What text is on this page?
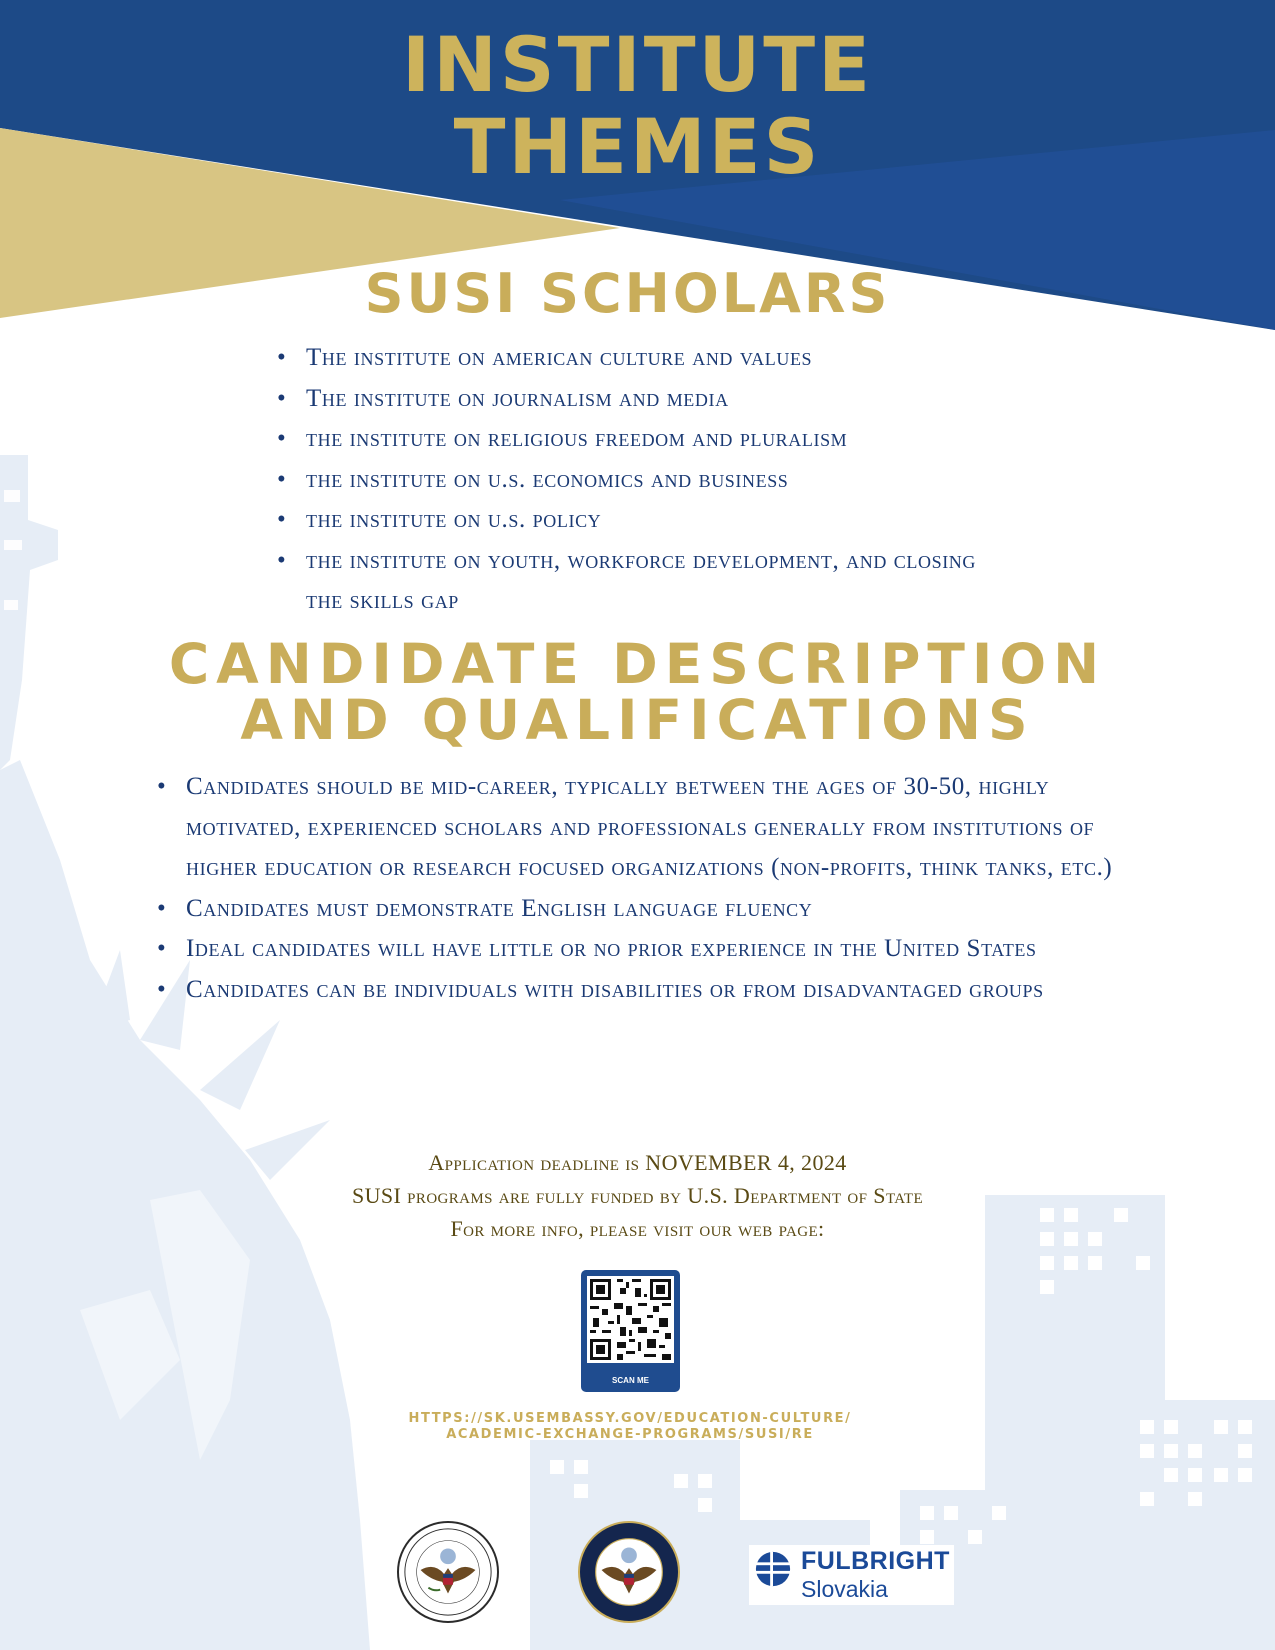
INSTITUTE
THEMES
SUSI SCHOLARS
• The institute on american culture and values
• The institute on journalism and media
• the institute on religious freedom and pluralism
• the institute on u.s. economics and business
• the institute on u.s. policy
• the institute on youth, workforce development, and closing the skills gap
CANDIDATE DESCRIPTION
AND QUALIFICATIONS
• Candidates should be mid-career, typically between the ages of 30-50, highly motivated, experienced scholars and professionals generally from institutions of higher education or research focused organizations (non-profits, think tanks, etc.)
• Candidates must demonstrate English language fluency
• Ideal candidates will have little or no prior experience in the United States
• Candidates can be individuals with disabilities or from disadvantaged groups
Application deadline is NOVEMBER 4, 2024
SUSI programs are fully funded by U.S. Department of State
For more info, please visit our web page:
SCAN ME
HTTPS://SK.USEMBASSY.GOV/EDUCATION-CULTURE/
ACADEMIC-EXCHANGE-PROGRAMS/SUSI/RE
FULBRIGHT
Slovakia
